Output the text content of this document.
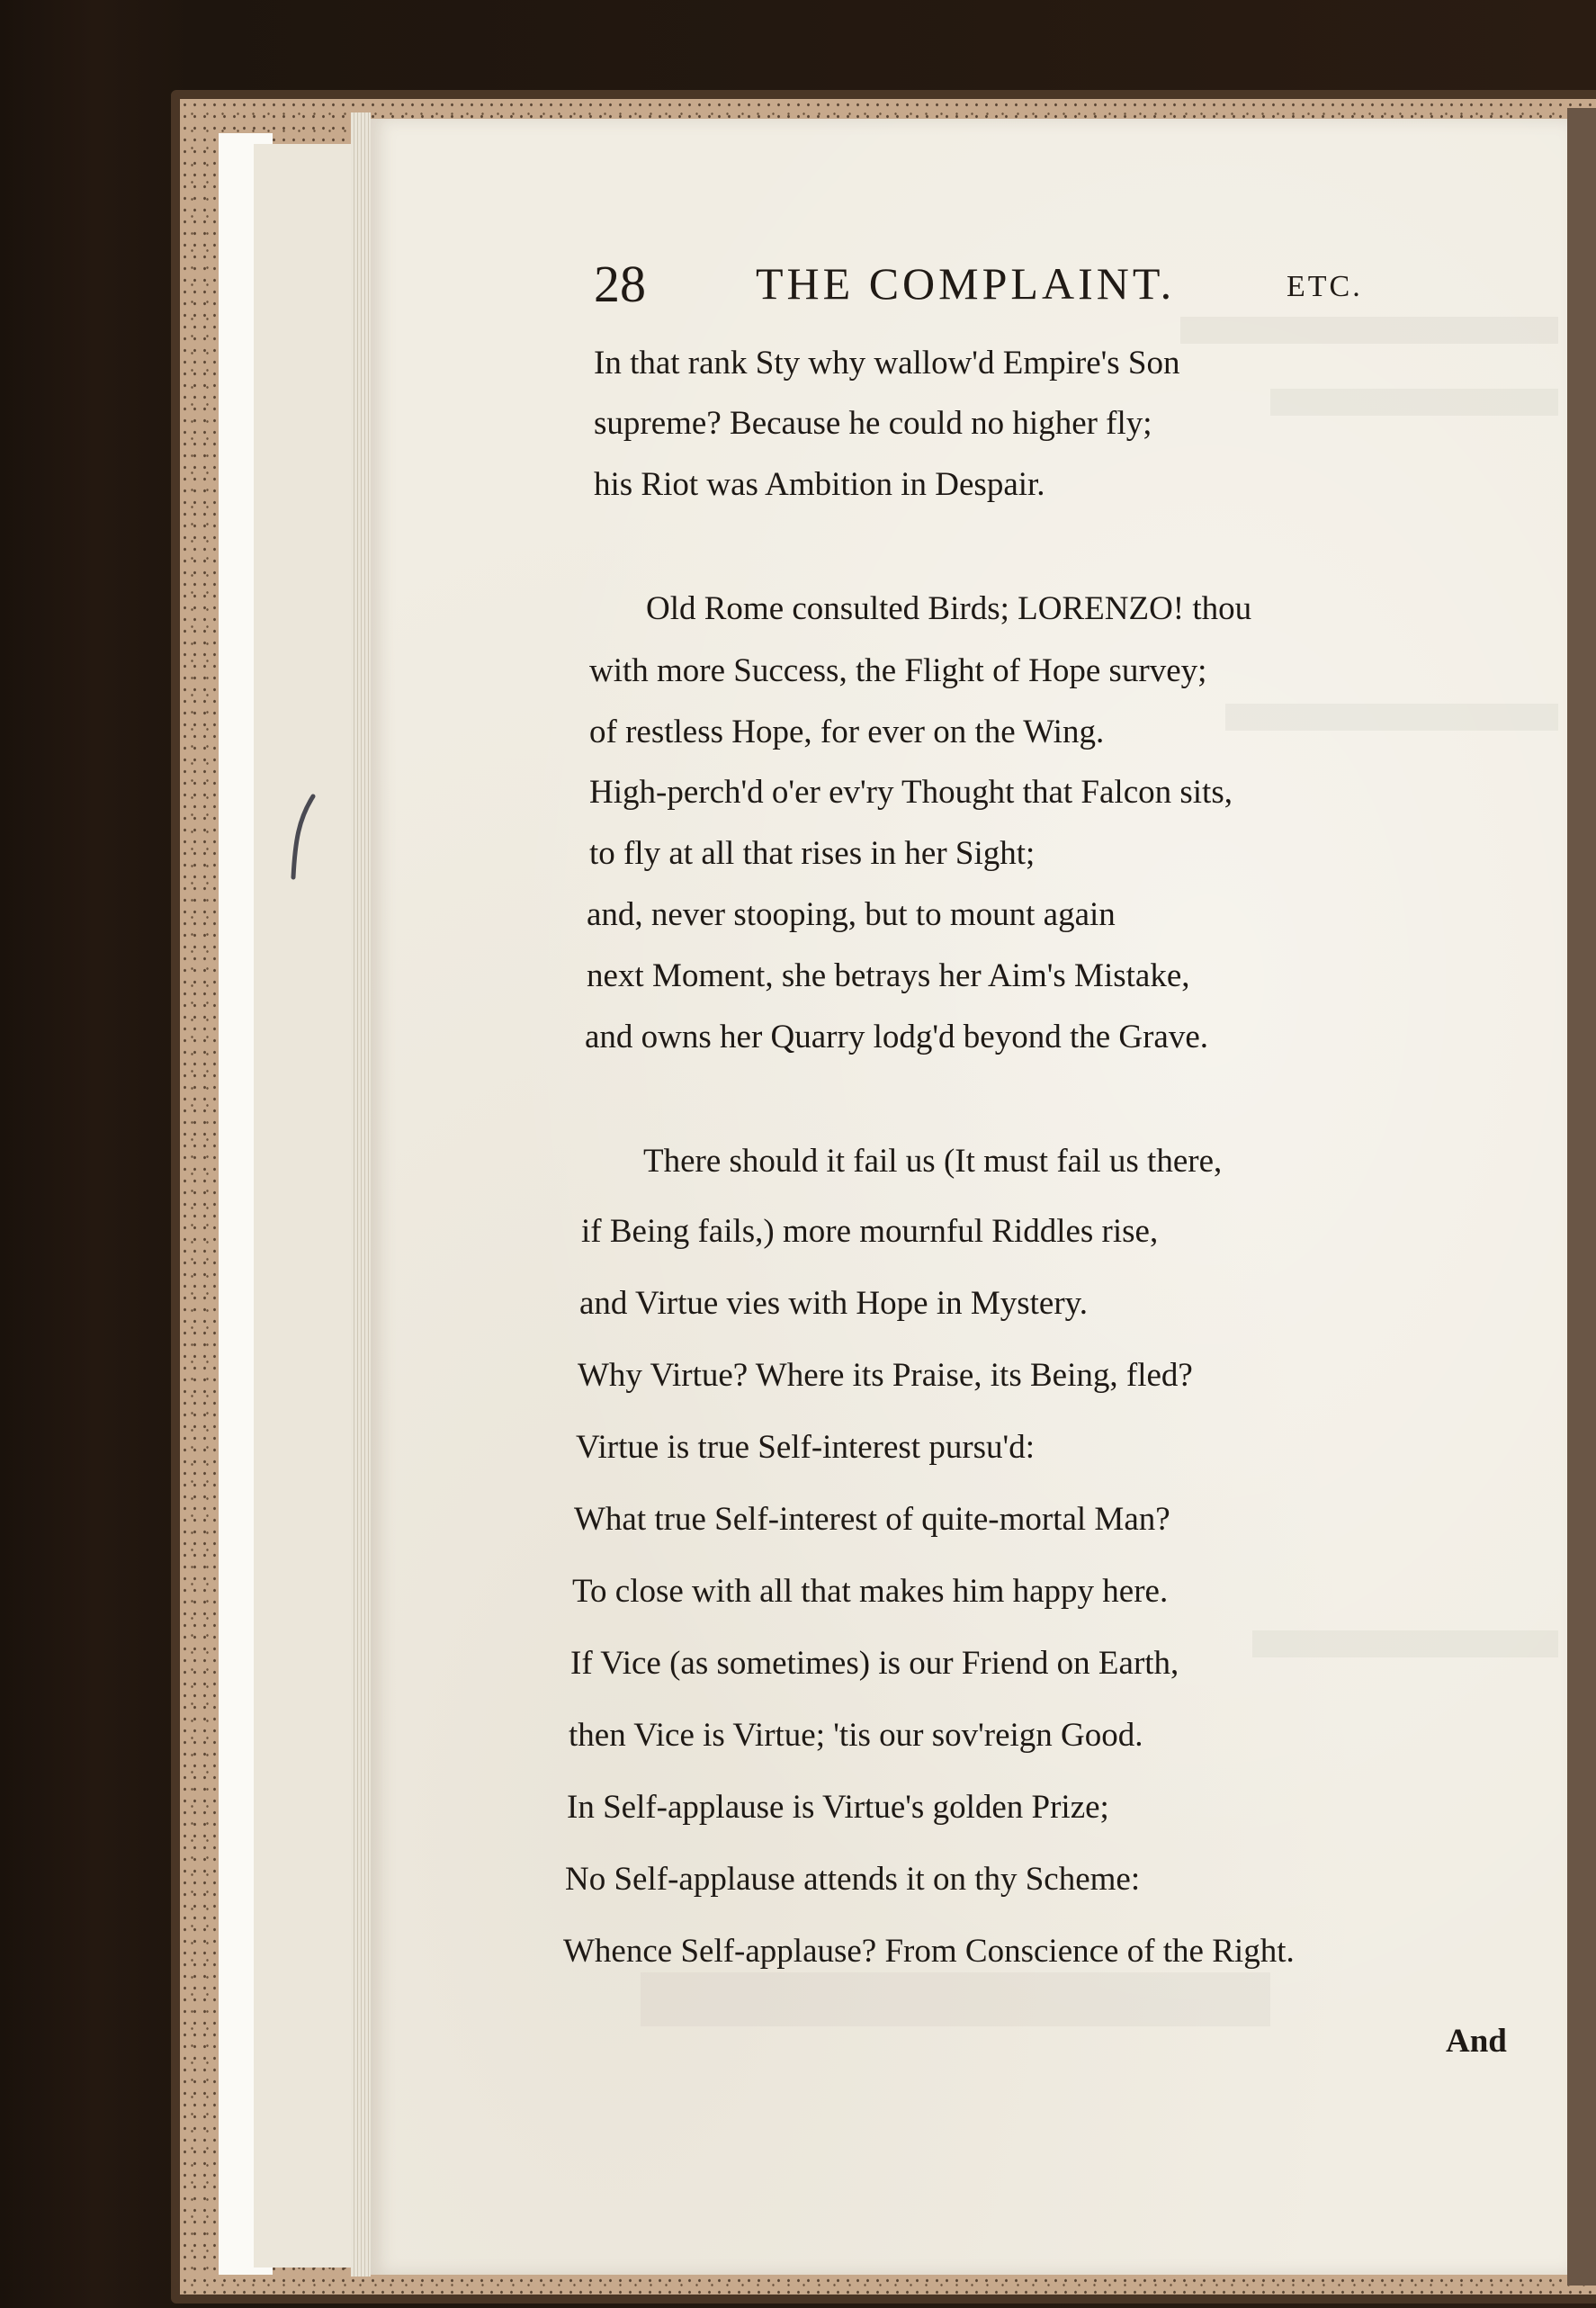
28 THE COMPLAINT.	ETC.
In that rank Sty why wallow'd Empire's Son
supreme? Because he could no higher fly;
his Riot was Ambition in Despair.
Old Rome consulted Birds; LORENZO! thou
with more Success, the Flight of Hope survey;
of restless Hope, for ever on the Wing.
High-perch'd o'er ev'ry Thought that Falcon sits,
to fly at all that rises in her Sight;
and, never stooping, but to mount again
next Moment, she betrays her Aim's Mistake,
and owns her Quarry lodg'd beyond the Grave.
There should it fail us (It must fail us there,
if Being fails,) more mournful Riddles rise,
and Virtue vies with Hope in Mystery.
Why Virtue? Where its Praise, its Being, fled?
Virtue is true Self-interest pursu'd:
What true Self-interest of quite-mortal Man?
To close with all that makes him happy here.
If Vice (as sometimes) is our Friend on Earth,
then Vice is Virtue; 'tis our sov'reign Good.
In Self-applause is Virtue's golden Prize;
No Self-applause attends it on thy Scheme:
Whence Self-applause? From Conscience of the Right.
And
